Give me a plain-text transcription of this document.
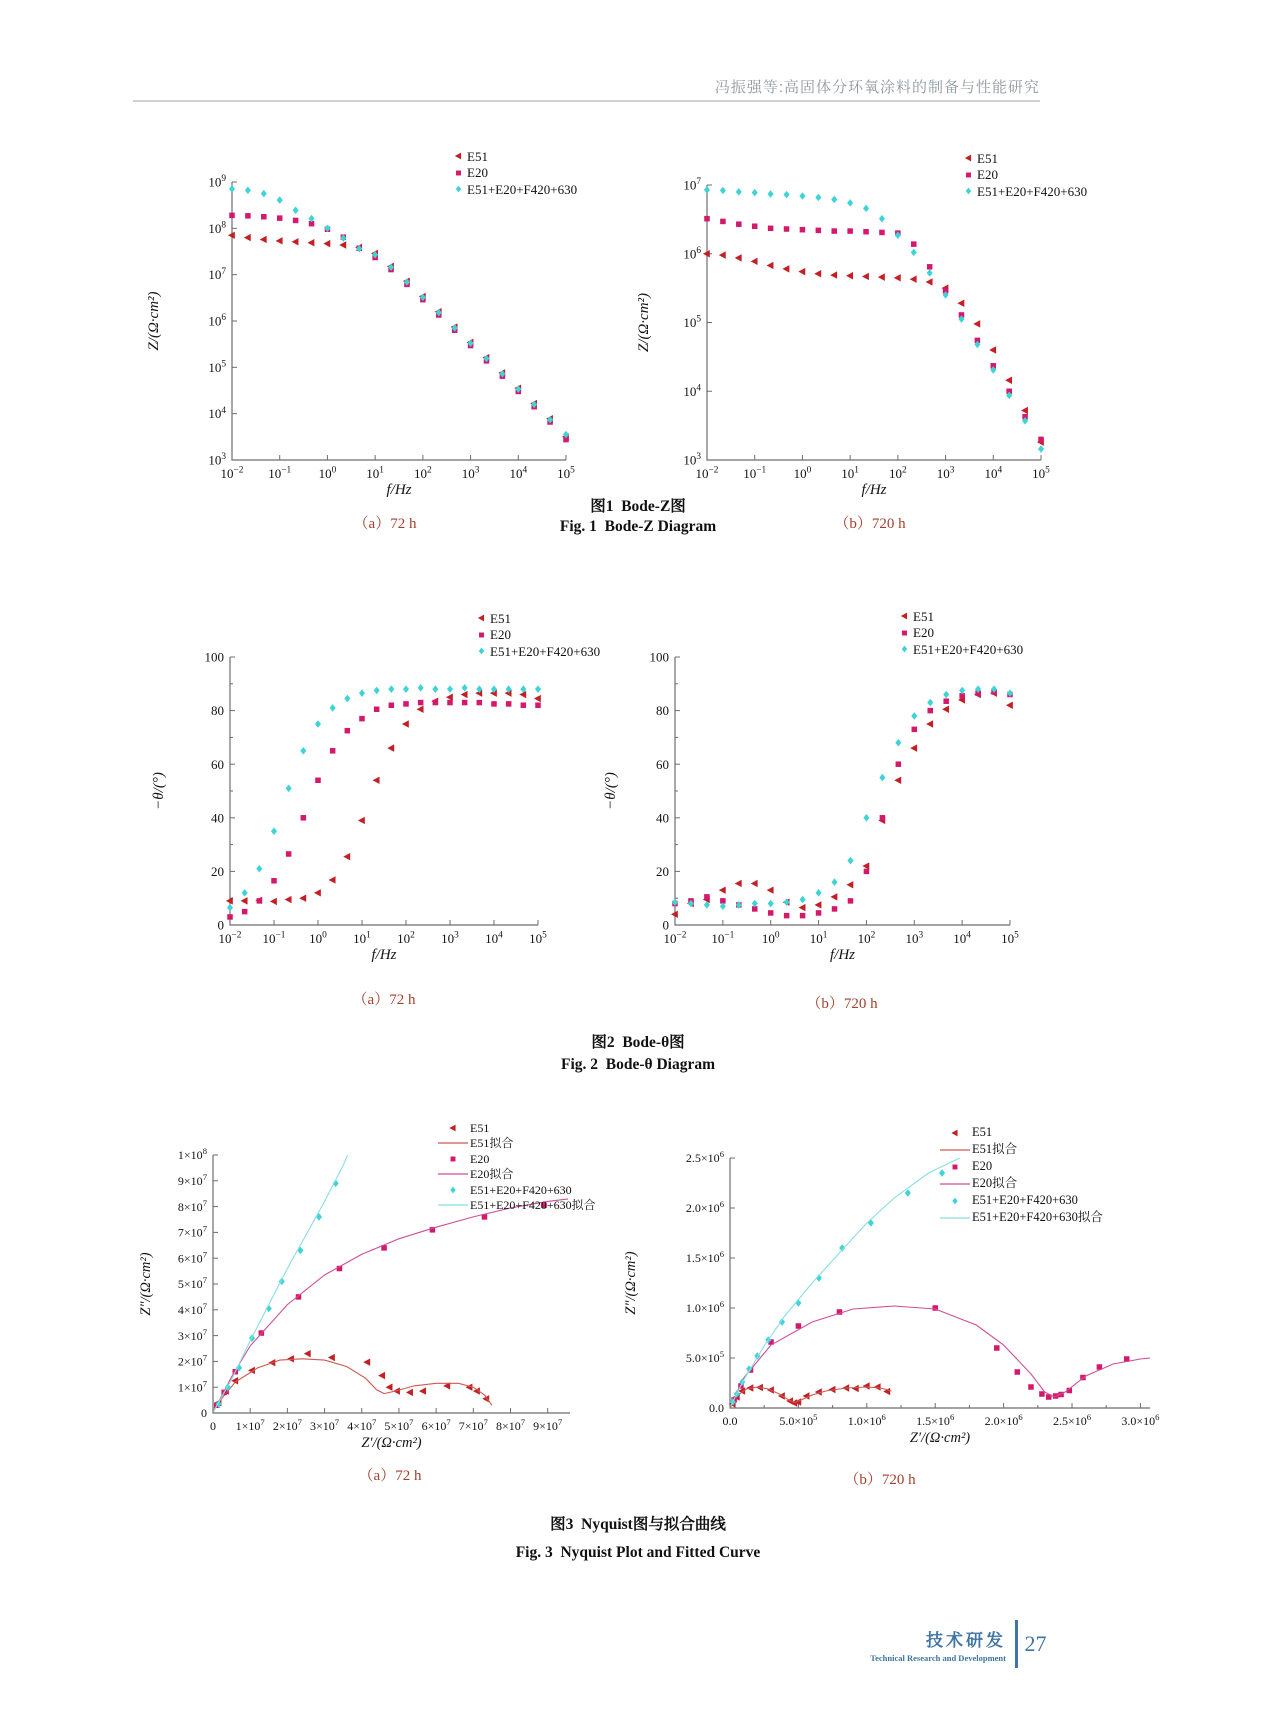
冯振强等:高固体分环氧涂料的制备与性能研究
$10^{-2}$ $10^{-1}$ $10^0$ $10^1$ $10^2$ $10^3$ $10^4$ $10^5$
$10^3$
$10^4$
$10^5$
$10^6$
$10^7$
$10^8$
$10^9$
f/Hz
Z/(Ω·cm²)
$10^{-2}$ $10^{-1}$ $10^0$ $10^1$ $10^2$ $10^3$ $10^4$ $10^5$
$10^3$
$10^4$
$10^5$
$10^6$
$10^7$
f/Hz
Z/(Ω·cm²)
$10^{-2}$ $10^{-1}$ $10^0$ $10^1$ $10^2$ $10^3$ $10^4$ $10^5$
0
20
40
60
80
100
f/Hz
−θ/(°)
$10^{-2}$ $10^{-1}$ $10^0$ $10^1$ $10^2$ $10^3$ $10^4$ $10^5$
0
20
40
60
80
100
f/Hz
−θ/(°)
0 $1\times 10^7$ $2\times 10^7$ $3\times 10^7$ $4\times 10^7$ $5\times 10^7$ $6\times 10^7$ $7\times 10^7$ $8\times 10^7$ $9\times 10^7$
0
$1\times 10^7$
$2\times 10^7$
$3\times 10^7$
$4\times 10^7$
$5\times 10^7$
$6\times 10^7$
$7\times 10^7$
$8\times 10^7$
$9\times 10^7$
$1\times 10^8$
Z′/(Ω·cm²)
Z″/(Ω·cm²)
0.0	$5.0\times 10^5$	$1.0\times 10^6$	$1.5\times 10^6$	$2.0\times 10^6$	$2.5\times 10^6$	$3.0\times 10^6$
0.0
$5.0\times 10^5$
$1.0\times 10^6$
$1.5\times 10^6$
$2.0\times 10^6$
$2.5\times 10^6$
Z′/(Ω·cm²)
Z″/(Ω·cm²)
（a）72 h	（b）720 h
图1  Bode-Z图
Fig. 1  Bode-Z Diagram
（a）72 h	（b）720 h
图2  Bode-θ图
Fig. 2  Bode-θ Diagram
（a）72 h	（b）720 h
图3  Nyquist图与拟合曲线
Fig. 3  Nyquist Plot and Fitted Curve
技术研发
Technical Research and Development
27
E51
E20
E51+E20+F420+630
E51
E20
E51+E20+F420+630
E51
E20
E51+E20+F420+630
E51
E20
E51+E20+F420+630
E51
E51拟合
E20
E20拟合
E51+E20+F420+630
E51+E20+F420+630拟合
E51
E51拟合
E20
E20拟合
E51+E20+F420+630
E51+E20+F420+630拟合
